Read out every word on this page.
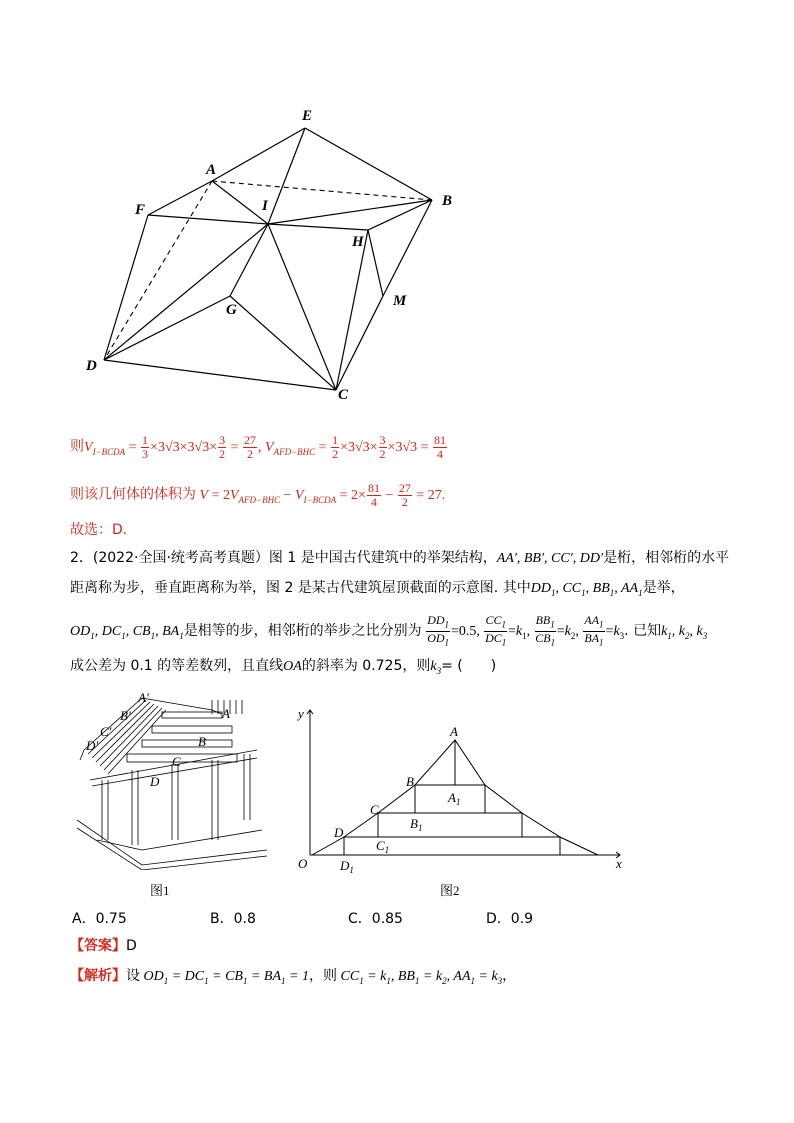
E
A
B
F	I
H
M
G
D
C
则$V_{I-BCDA} = \frac{1}{3} \times 3√3\times 3√3\times \frac{3}{2} = \frac{27}{2}$ , $V_{AFD-BHC} = \frac{1}{2} \times 3√3\times \frac{3}{2} \times 3√3 = \frac{81}{4}$
则该几何体的体积为 $V = 2V_{AFD-BHC} - V_{I-BCDA} = 2\times \frac{81}{4} - \frac{27}{2} = 27$.
故选：D.
2．(2022·全国·统考高考真题）图 1 是中国古代建筑中的举架结构，AA′, BB′, CC′, DD′是桁，相邻桁的水平
距离称为步，垂直距离称为举，图 2 是某古代建筑屋顶截面的示意图. 其中$DD_1$, $CC_1$, $BB_1$, $AA_1$是举，
$OD_1$, $DC_1$, $CB_1$, $BA_1$是相等的步，相邻桁的举步之比分别为 $\frac{DD_1}{OD_1} =0.5$, $\frac{CC_1}{DC_1} =k_1$, $\frac{BB_1}{CB_1} =k_2$, $\frac{AA_1}{BA_1} =k_3$. 已知$k_1$, $k_2$, $k_3$
成公差为 0.1 的等差数列，且直线OA的斜率为 0.725，则$k_3=$ (　　)
A′
B′
C′
D′
A
B
C
D
图1
y
x
O
A
B
C
D
$A_1$
$B_1$
$C_1$
$D_1$
图2
A．0.75	B．0.8	C．0.85	D．0.9
【答案】D
【解析】设 $OD_1 = DC_1 = CB_1 = BA_1 = 1$，则 $CC_1 = k_1$, $BB_1 = k_2$, $AA_1 = k_3$，
